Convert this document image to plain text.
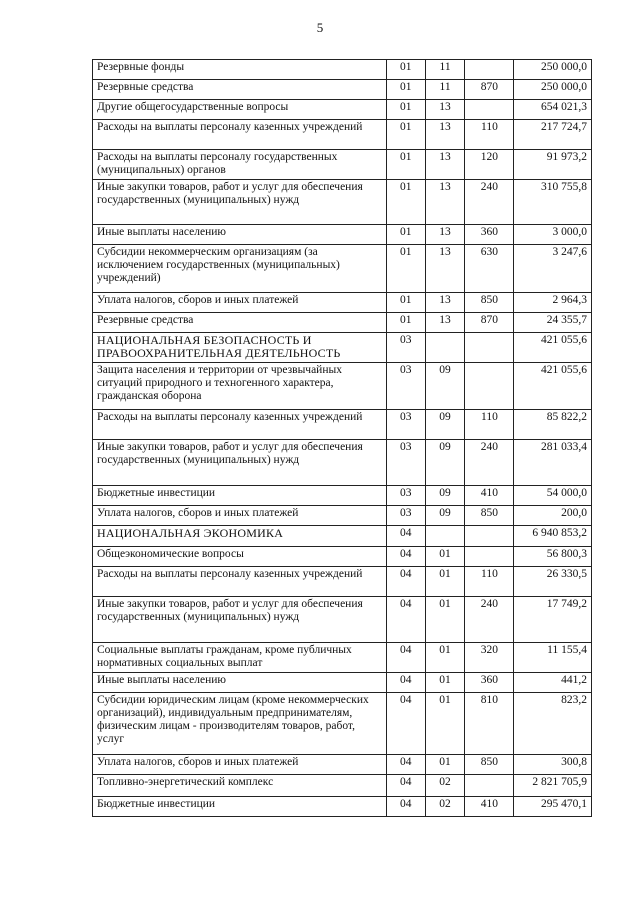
5
Резервные фонды	01	11		250 000,0
Резервные средства	01	11	870	250 000,0
Другие общегосударственные вопросы	01	13		654 021,3
Расходы на выплаты персоналу казенных учреждений	01	13	110	217 724,7
Расходы на выплаты персоналу государственных (муниципальных) органов	01	13	120	91 973,2
Иные закупки товаров, работ и услуг для обеспечения государственных (муниципальных) нужд	01	13	240	310 755,8
Иные выплаты населению	01	13	360	3 000,0
Субсидии некоммерческим организациям (за исключением государственных (муниципальных) учреждений)	01	13	630	3 247,6
Уплата налогов, сборов и иных платежей	01	13	850	2 964,3
Резервные средства	01	13	870	24 355,7
НАЦИОНАЛЬНАЯ БЕЗОПАСНОСТЬ И ПРАВООХРАНИТЕЛЬНАЯ ДЕЯТЕЛЬНОСТЬ	03			421 055,6
Защита населения и территории от чрезвычайных ситуаций природного и техногенного характера, гражданская оборона	03	09		421 055,6
Расходы на выплаты персоналу казенных учреждений	03	09	110	85 822,2
Иные закупки товаров, работ и услуг для обеспечения государственных (муниципальных) нужд	03	09	240	281 033,4
Бюджетные инвестиции	03	09	410	54 000,0
Уплата налогов, сборов и иных платежей	03	09	850	200,0
НАЦИОНАЛЬНАЯ ЭКОНОМИКА	04			6 940 853,2
Общеэкономические вопросы	04	01		56 800,3
Расходы на выплаты персоналу казенных учреждений	04	01	110	26 330,5
Иные закупки товаров, работ и услуг для обеспечения государственных (муниципальных) нужд	04	01	240	17 749,2
Социальные выплаты гражданам, кроме публичных нормативных социальных выплат	04	01	320	11 155,4
Иные выплаты населению	04	01	360	441,2
Субсидии юридическим лицам (кроме некоммерческих организаций), индивидуальным предпринимателям, физическим лицам - производителям товаров, работ, услуг	04	01	810	823,2
Уплата налогов, сборов и иных платежей	04	01	850	300,8
Топливно-энергетический комплекс	04	02		2 821 705,9
Бюджетные инвестиции	04	02	410	295 470,1
